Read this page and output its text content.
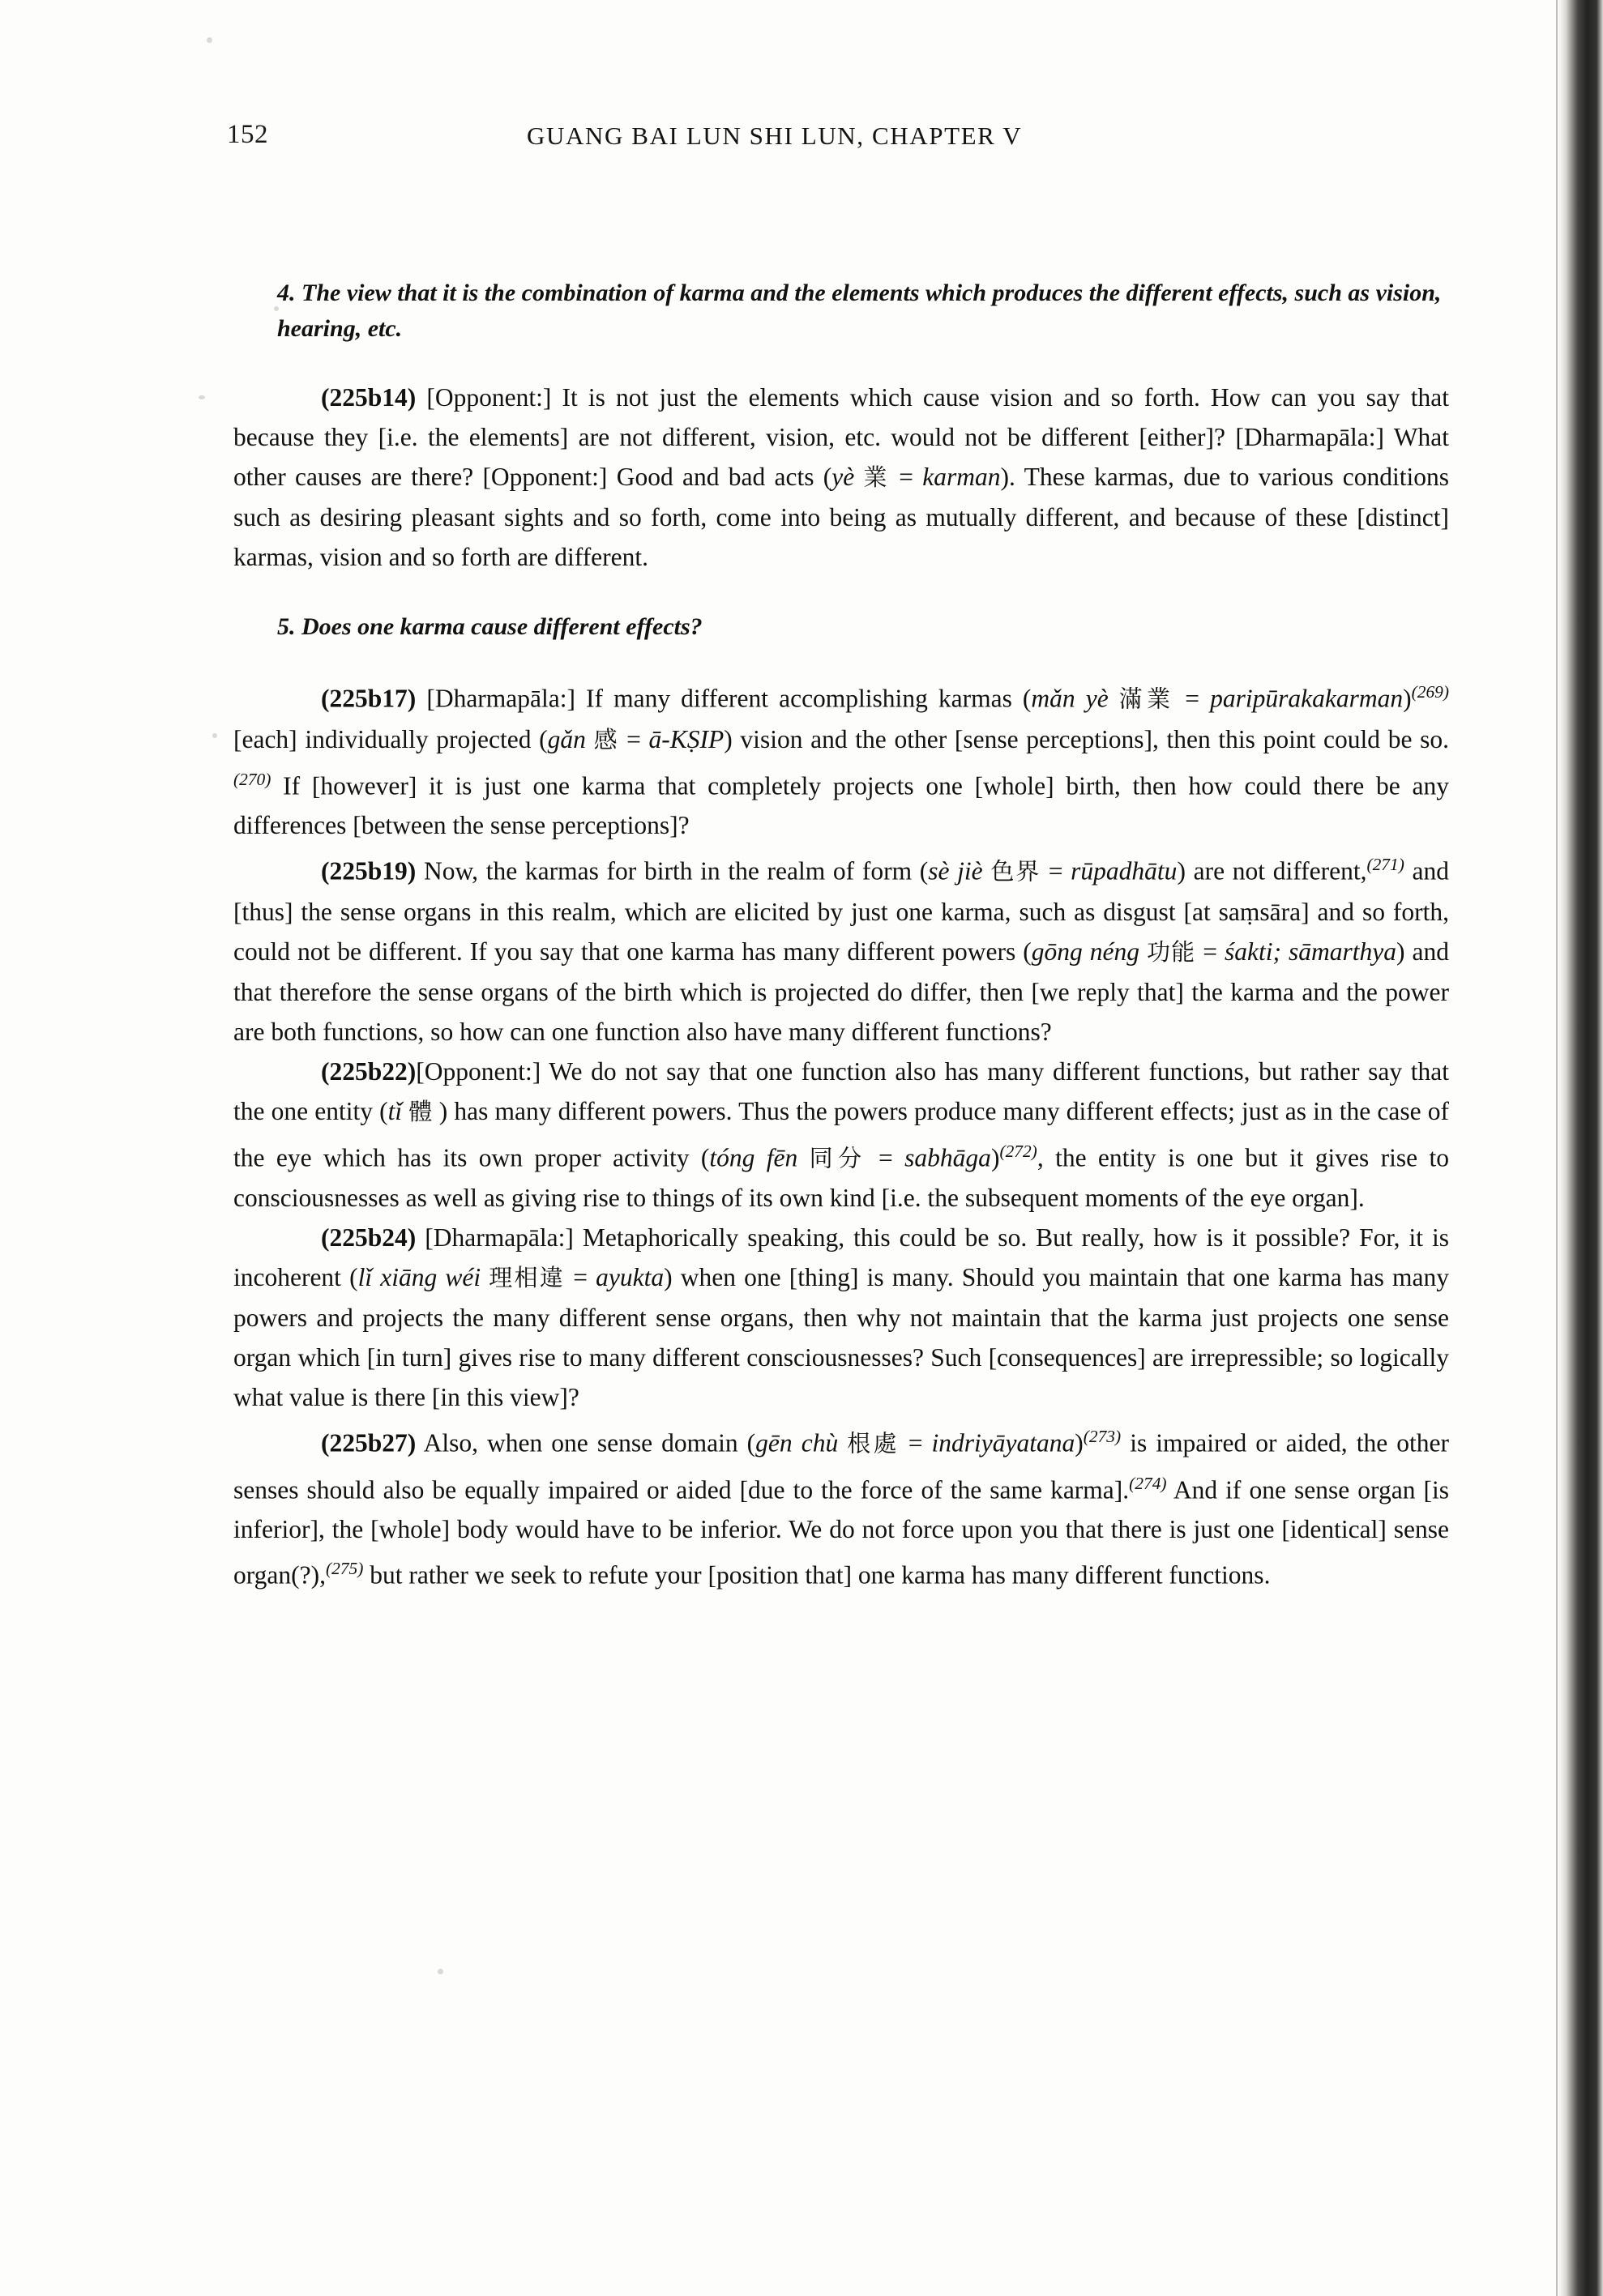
152	GUANG BAI LUN SHI LUN, CHAPTER V
4. The view that it is the combination of karma and the elements which produces the different effects, such as vision, hearing, etc.

(225b14) [Opponent:] It is not just the elements which cause vision and so forth. How can you say that because they [i.e. the elements] are not different, vision, etc. would not be different [either]? [Dharmapāla:] What other causes are there? [Opponent:] Good and bad acts (yè 業 = karman). These karmas, due to various conditions such as desiring pleasant sights and so forth, come into being as mutually different, and because of these [distinct] karmas, vision and so forth are different.

5. Does one karma cause different effects?

(225b17) [Dharmapāla:] If many different accomplishing karmas (mǎn yè 滿業 = paripūrakakarman)$^{(269)}$ [each] individually projected (gǎn 感 = ā-KṢIP) vision and the other [sense perceptions], then this point could be so.$^{(270)}$ If [however] it is just one karma that completely projects one [whole] birth, then how could there be any differences [between the sense perceptions]?

(225b19) Now, the karmas for birth in the realm of form (sè jiè 色界 = rūpadhātu) are not different,$^{(271)}$ and [thus] the sense organs in this realm, which are elicited by just one karma, such as disgust [at saṃsāra] and so forth, could not be different. If you say that one karma has many different powers (gōng néng 功能 = śakti; sāmarthya) and that therefore the sense organs of the birth which is projected do differ, then [we reply that] the karma and the power are both functions, so how can one function also have many different functions?

(225b22)[Opponent:] We do not say that one function also has many different functions, but rather say that the one entity (tǐ 體 ) has many different powers. Thus the powers produce many different effects; just as in the case of the eye which has its own proper activity (tóng fēn 同分 = sabhāga)$^{(272)}$, the entity is one but it gives rise to consciousnesses as well as giving rise to things of its own kind [i.e. the subsequent moments of the eye organ].

(225b24) [Dharmapāla:] Metaphorically speaking, this could be so. But really, how is it possible? For, it is incoherent (lǐ xiāng wéi 理相違 = ayukta) when one [thing] is many. Should you maintain that one karma has many powers and projects the many different sense organs, then why not maintain that the karma just projects one sense organ which [in turn] gives rise to many different consciousnesses? Such [consequences] are irrepressible; so logically what value is there [in this view]?

(225b27) Also, when one sense domain (gēn chù 根處 = indriyāyatana)$^{(273)}$ is impaired or aided, the other senses should also be equally impaired or aided [due to the force of the same karma].$^{(274)}$ And if one sense organ [is inferior], the [whole] body would have to be inferior. We do not force upon you that there is just one [identical] sense organ(?),$^{(275)}$ but rather we seek to refute your [position that] one karma has many different functions.
